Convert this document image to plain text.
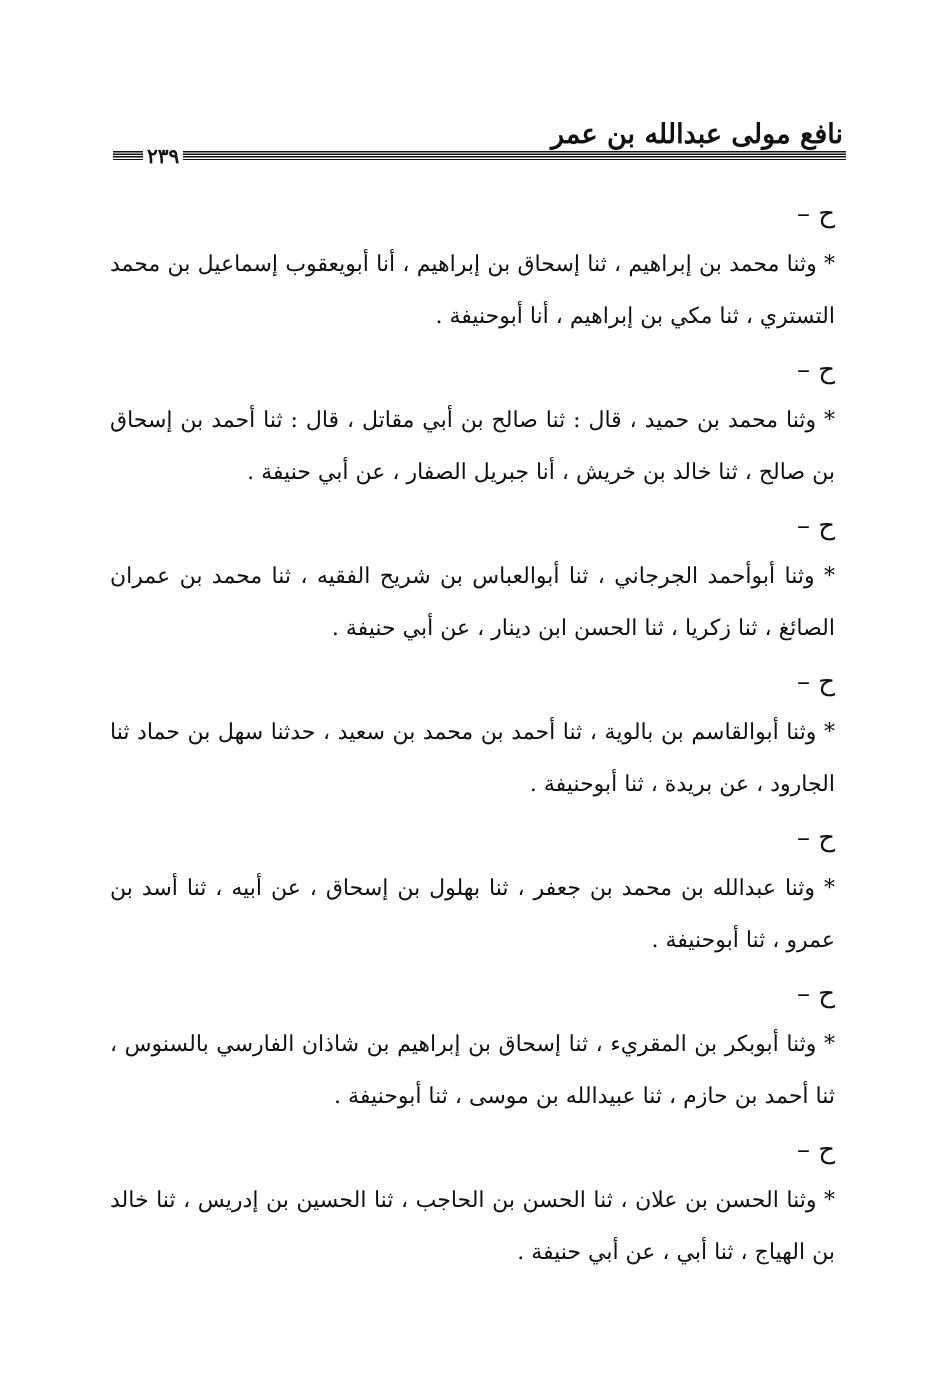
نافع مولى عبدالله بن عمر
٢٣٩
ح –
* وثنا محمد بن إبراهيم ، ثنا إسحاق بن إبراهيم ، أنا أبويعقوب إسماعيل بن محمد التستري ، ثنا مكي بن إبراهيم ، أنا أبوحنيفة .
ح –
* وثنا محمد بن حميد ، قال : ثنا صالح بن أبي مقاتل ، قال : ثنا أحمد بن إسحاق بن صالح ، ثنا خالد بن خريش ، أنا جبريل الصفار ، عن أبي حنيفة .
ح –
* وثنا أبوأحمد الجرجاني ، ثنا أبوالعباس بن شريح الفقيه ، ثنا محمد بن عمران الصائغ ، ثنا زكريا ، ثنا الحسن ابن دينار ، عن أبي حنيفة .
ح –
* وثنا أبوالقاسم بن بالوية ، ثنا أحمد بن محمد بن سعيد ، حدثنا سهل بن حماد ثنا الجارود ، عن بريدة ، ثنا أبوحنيفة .
ح –
* وثنا عبدالله بن محمد بن جعفر ، ثنا بهلول بن إسحاق ، عن أبيه ، ثنا أسد بن عمرو ، ثنا أبوحنيفة .
ح –
* وثنا أبوبكر بن المقريء ، ثنا إسحاق بن إبراهيم بن شاذان الفارسي بالسنوس ، ثنا أحمد بن حازم ، ثنا عبيدالله بن موسى ، ثنا أبوحنيفة .
ح –
* وثنا الحسن بن علان ، ثنا الحسن بن الحاجب ، ثنا الحسين بن إدريس ، ثنا خالد بن الهياج ، ثنا أبي ، عن أبي حنيفة .
